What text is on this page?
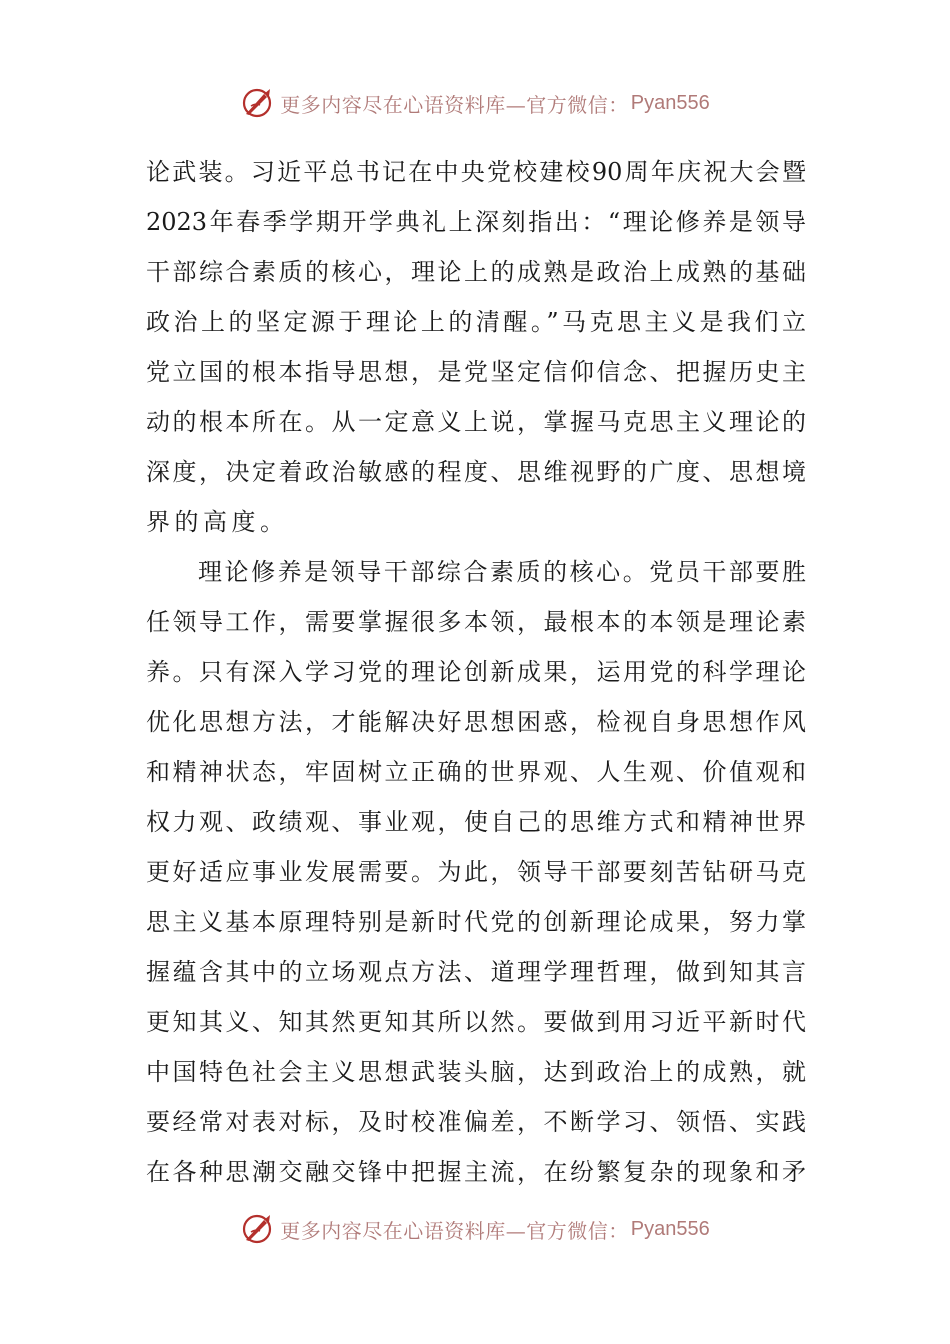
更多内容尽在心语资料库—官方微信： Pyan556
论武装。习近平总书记在中央党校建校90周年庆祝大会暨
2023年春季学期开学典礼上深刻指出：“理论修养是领导
干部综合素质的核心，理论上的成熟是政治上成熟的基础
政治上的坚定源于理论上的清醒。”马克思主义是我们立
党立国的根本指导思想，是党坚定信仰信念、把握历史主
动的根本所在。从一定意义上说，掌握马克思主义理论的
深度，决定着政治敏感的程度、思维视野的广度、思想境
界的高度。
理论修养是领导干部综合素质的核心。党员干部要胜
任领导工作，需要掌握很多本领，最根本的本领是理论素
养。只有深入学习党的理论创新成果，运用党的科学理论
优化思想方法，才能解决好思想困惑，检视自身思想作风
和精神状态，牢固树立正确的世界观、人生观、价值观和
权力观、政绩观、事业观，使自己的思维方式和精神世界
更好适应事业发展需要。为此，领导干部要刻苦钻研马克
思主义基本原理特别是新时代党的创新理论成果，努力掌
握蕴含其中的立场观点方法、道理学理哲理，做到知其言
更知其义、知其然更知其所以然。要做到用习近平新时代
中国特色社会主义思想武装头脑，达到政治上的成熟，就
要经常对表对标，及时校准偏差，不断学习、领悟、实践
在各种思潮交融交锋中把握主流，在纷繁复杂的现象和矛
更多内容尽在心语资料库—官方微信： Pyan556
